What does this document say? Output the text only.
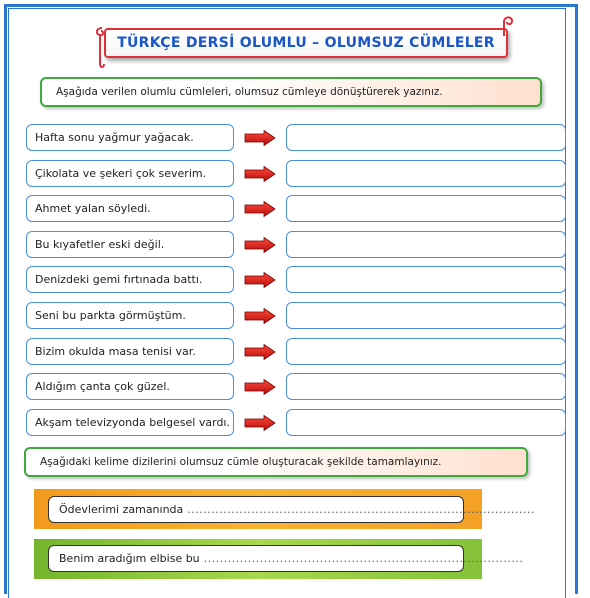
TÜRKÇE DERSİ OLUMLU – OLUMSUZ CÜMLELER
Aşağıda verilen olumlu cümleleri, olumsuz cümleye dönüştürerek yazınız.
Hafta sonu yağmur yağacak.
Çikolata ve şekeri çok severim.
Ahmet yalan söyledi.
Bu kıyafetler eski değil.
Denizdeki gemi fırtınada battı.
Seni bu parkta görmüştüm.
Bizim okulda masa tenisi var.
Aldığım çanta çok güzel.
Akşam televizyonda belgesel vardı.
Aşağıdaki kelime dizilerini olumsuz cümle oluşturacak şekilde tamamlayınız.
Ödevlerimi zamanında .......................................................................................
Benim aradığım elbise bu ................................................................................
